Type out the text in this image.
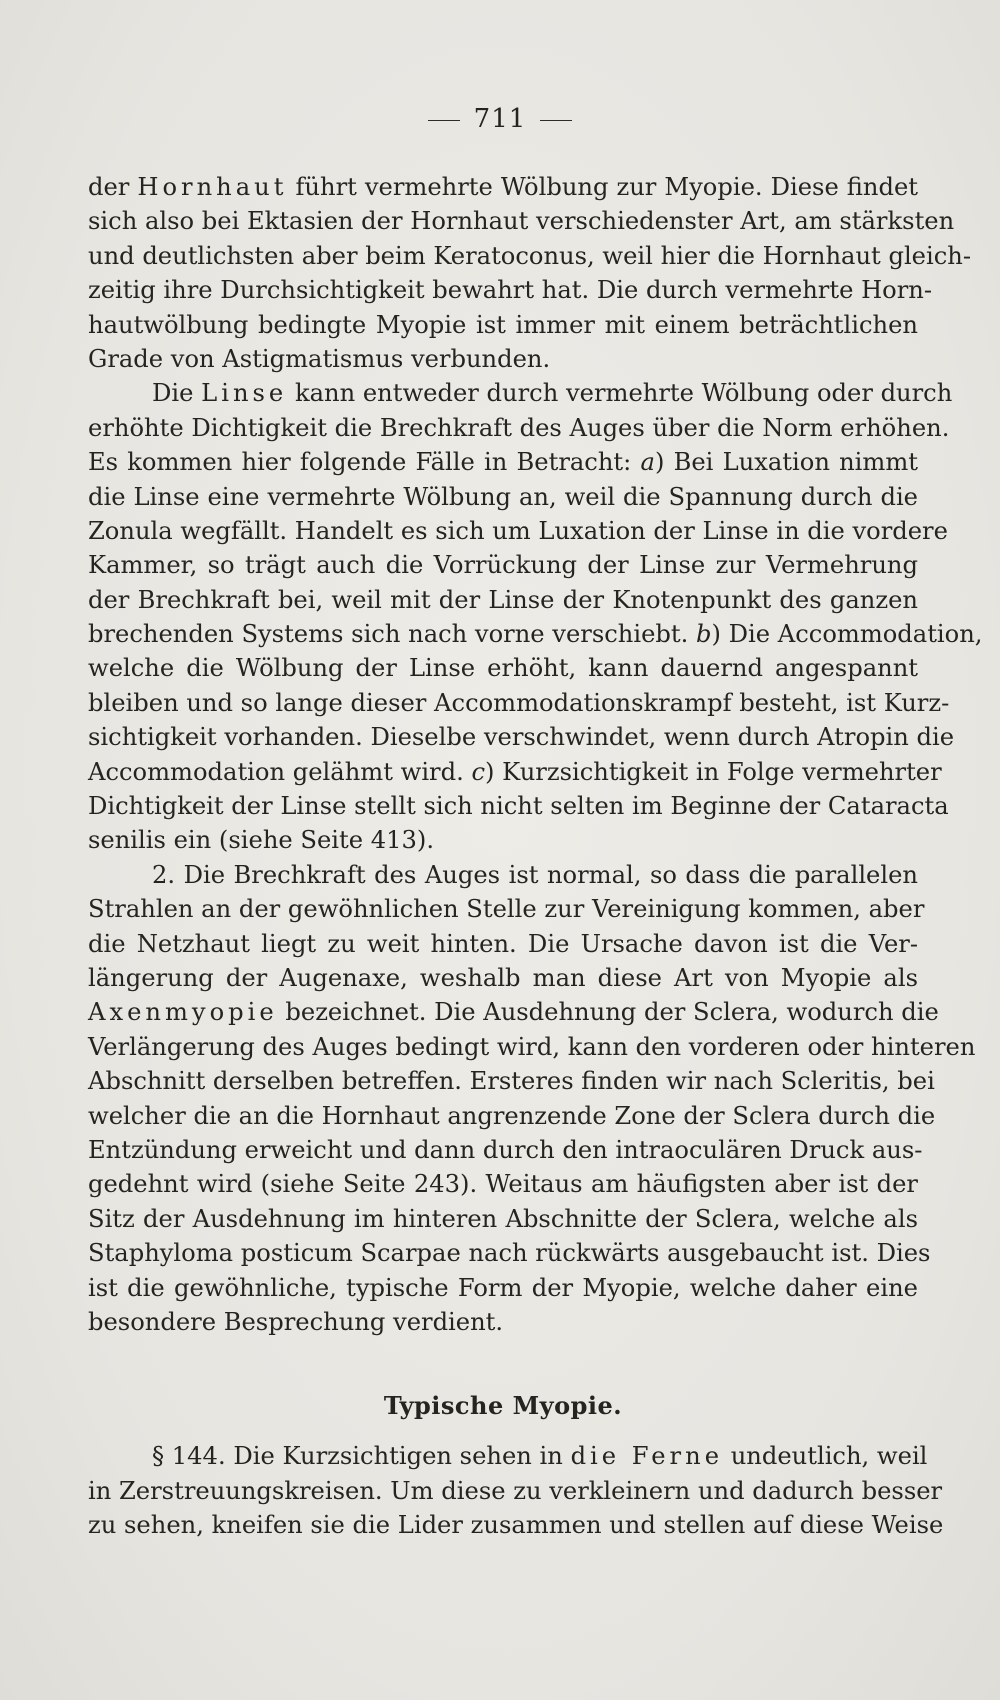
711
der Hornhaut führt vermehrte Wölbung zur Myopie. Diese findet
sich also bei Ektasien der Hornhaut verschiedenster Art, am stärksten
und deutlichsten aber beim Keratoconus, weil hier die Hornhaut gleich-
zeitig ihre Durchsichtigkeit bewahrt hat. Die durch vermehrte Horn-
hautwölbung bedingte Myopie ist immer mit einem beträchtlichen
Grade von Astigmatismus verbunden.
Die Linse kann entweder durch vermehrte Wölbung oder durch
erhöhte Dichtigkeit die Brechkraft des Auges über die Norm erhöhen.
Es kommen hier folgende Fälle in Betracht: a) Bei Luxation nimmt
die Linse eine vermehrte Wölbung an, weil die Spannung durch die
Zonula wegfällt. Handelt es sich um Luxation der Linse in die vordere
Kammer, so trägt auch die Vorrückung der Linse zur Vermehrung
der Brechkraft bei, weil mit der Linse der Knotenpunkt des ganzen
brechenden Systems sich nach vorne verschiebt. b) Die Accommodation,
welche die Wölbung der Linse erhöht, kann dauernd angespannt
bleiben und so lange dieser Accommodationskrampf besteht, ist Kurz-
sichtigkeit vorhanden. Dieselbe verschwindet, wenn durch Atropin die
Accommodation gelähmt wird. c) Kurzsichtigkeit in Folge vermehrter
Dichtigkeit der Linse stellt sich nicht selten im Beginne der Cataracta
senilis ein (siehe Seite 413).
2. Die Brechkraft des Auges ist normal, so dass die parallelen
Strahlen an der gewöhnlichen Stelle zur Vereinigung kommen, aber
die Netzhaut liegt zu weit hinten. Die Ursache davon ist die Ver-
längerung der Augenaxe, weshalb man diese Art von Myopie als
Axenmyopie bezeichnet. Die Ausdehnung der Sclera, wodurch die
Verlängerung des Auges bedingt wird, kann den vorderen oder hinteren
Abschnitt derselben betreffen. Ersteres finden wir nach Scleritis, bei
welcher die an die Hornhaut angrenzende Zone der Sclera durch die
Entzündung erweicht und dann durch den intraoculären Druck aus-
gedehnt wird (siehe Seite 243). Weitaus am häufigsten aber ist der
Sitz der Ausdehnung im hinteren Abschnitte der Sclera, welche als
Staphyloma posticum Scarpae nach rückwärts ausgebaucht ist. Dies
ist die gewöhnliche, typische Form der Myopie, welche daher eine
besondere Besprechung verdient.
Typische Myopie.
§ 144. Die Kurzsichtigen sehen in die Ferne undeutlich, weil
in Zerstreuungskreisen. Um diese zu verkleinern und dadurch besser
zu sehen, kneifen sie die Lider zusammen und stellen auf diese Weise
